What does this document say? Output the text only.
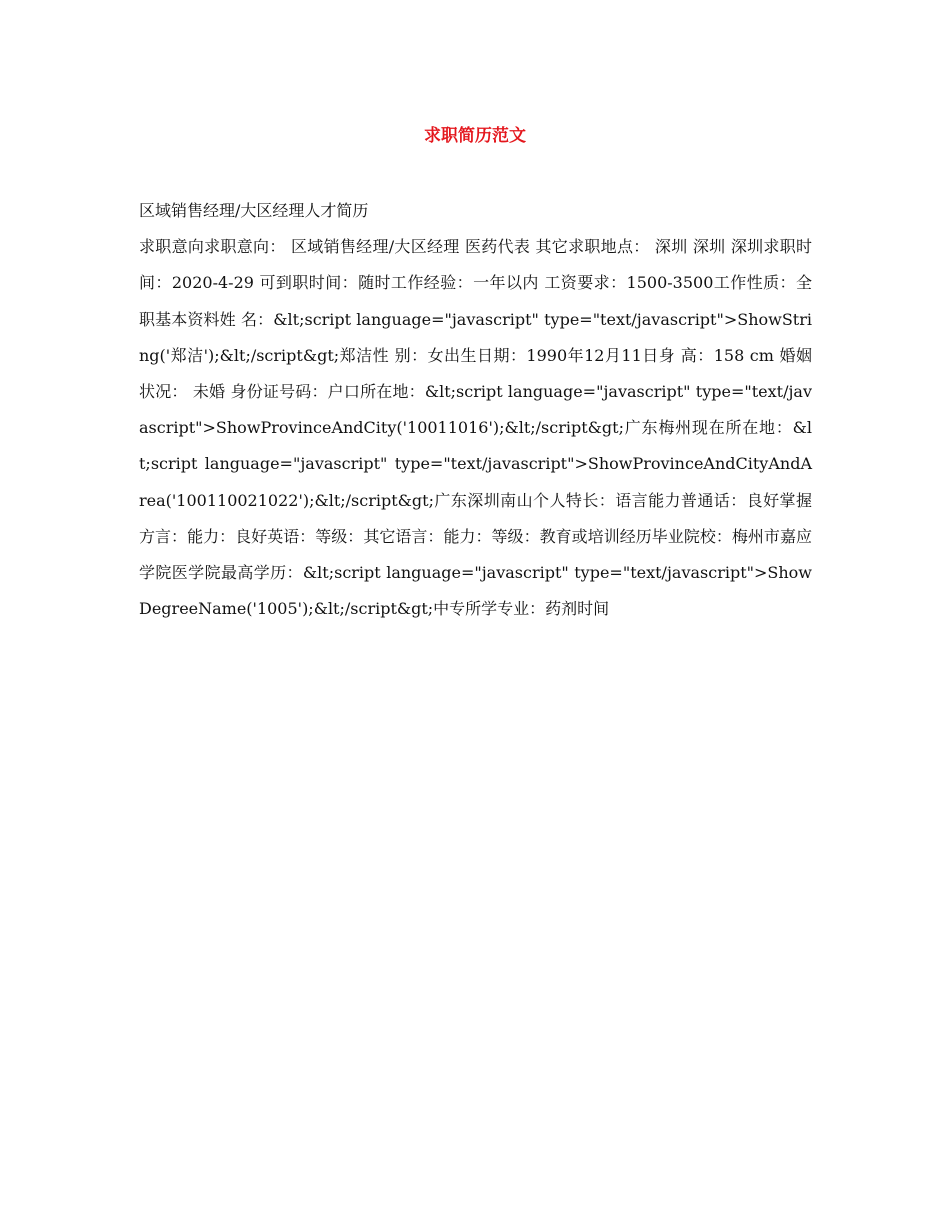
求职简历范文

区域销售经理/大区经理人才简历

求职意向求职意向： 区域销售经理/大区经理 医药代表 其它求职地点： 深圳 深圳 深圳求职时间：2020-4-29 可到职时间：随时工作经验：一年以内 工资要求：1500-3500工作性质：全职基本资料姓 名：&lt;script language="javascript" type="text/javascript">ShowString('郑洁');&lt;/script&gt;郑洁性 别：女出生日期：1990年12月11日身 高：158 cm 婚姻状况： 未婚 身份证号码：户口所在地：&lt;script language="javascript" type="text/javascript">ShowProvinceAndCity('10011016');&lt;/script&gt;广东梅州现在所在地：&lt;script language="javascript" type="text/javascript">ShowProvinceAndCityAndArea('100110021022');&lt;/script&gt;广东深圳南山个人特长：语言能力普通话：良好掌握方言：能力：良好英语：等级：其它语言：能力：等级：教育或培训经历毕业院校：梅州市嘉应学院医学院最高学历：&lt;script language="javascript" type="text/javascript">ShowDegreeName('1005');&lt;/script&gt;中专所学专业：药剂时间
